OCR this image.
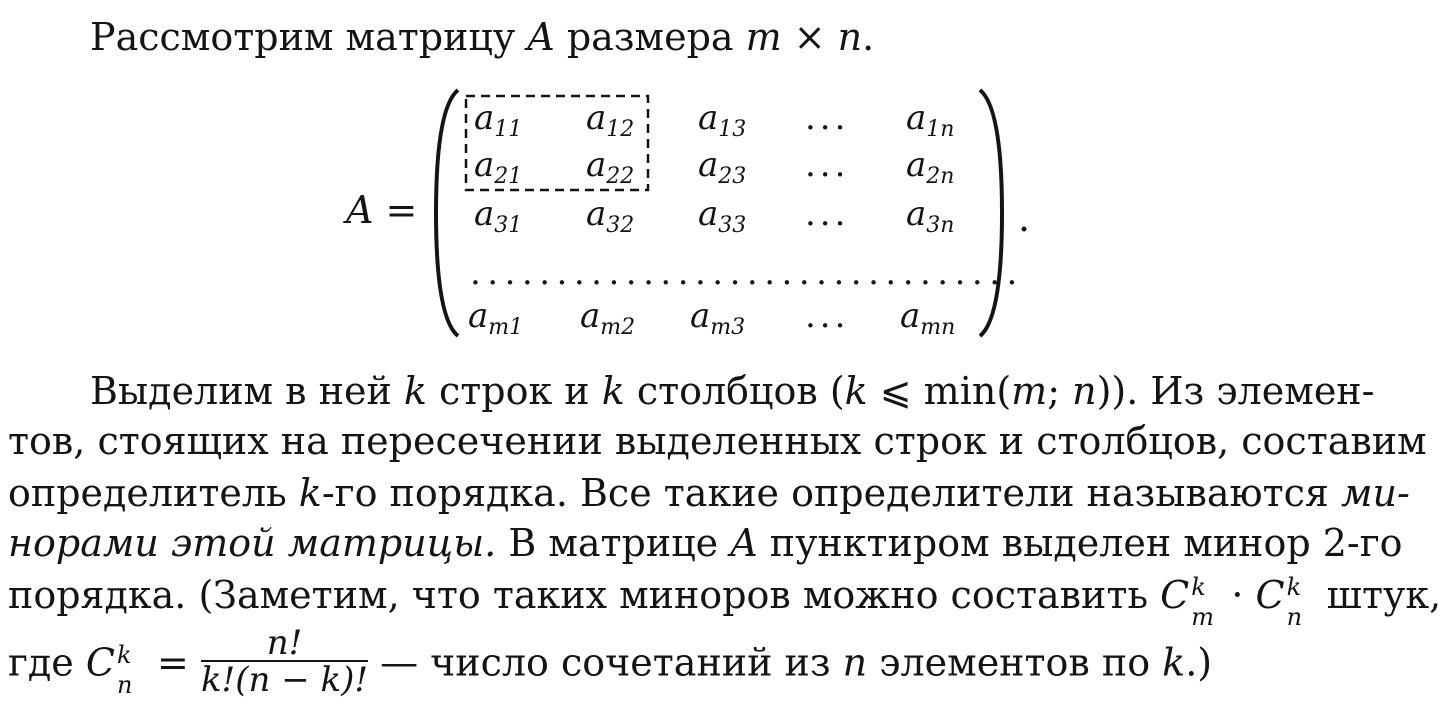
Рассмотрим матрицу A размера m × n.
A =
$a_{11}$ $a_{12}$ $a_{13}$ ... $a_{1n}$
$a_{21}$ $a_{22}$ $a_{23}$ ... $a_{2n}$
$a_{31}$ $a_{32}$ $a_{33}$ ... $a_{3n}$ .
................................
$a_{m1}$ $a_{m2}$ $a_{m3}$ ... $a_{mn}$
Выделим в ней k строк и k столбцов (k ⩽ min(m; n)). Из элемен-
тов, стоящих на пересечении выделенных строк и столбцов, составим
определитель k-го порядка. Все такие определители называются ми-
норами этой матрицы. В матрице A пунктиром выделен минор 2-го
порядка. (Заметим, что таких миноров можно составить C k
m · C k
n штук,
где C k
$n = \frac{n!}{k!(n - k)!}$ — число сочетаний из n элементов по k.)
